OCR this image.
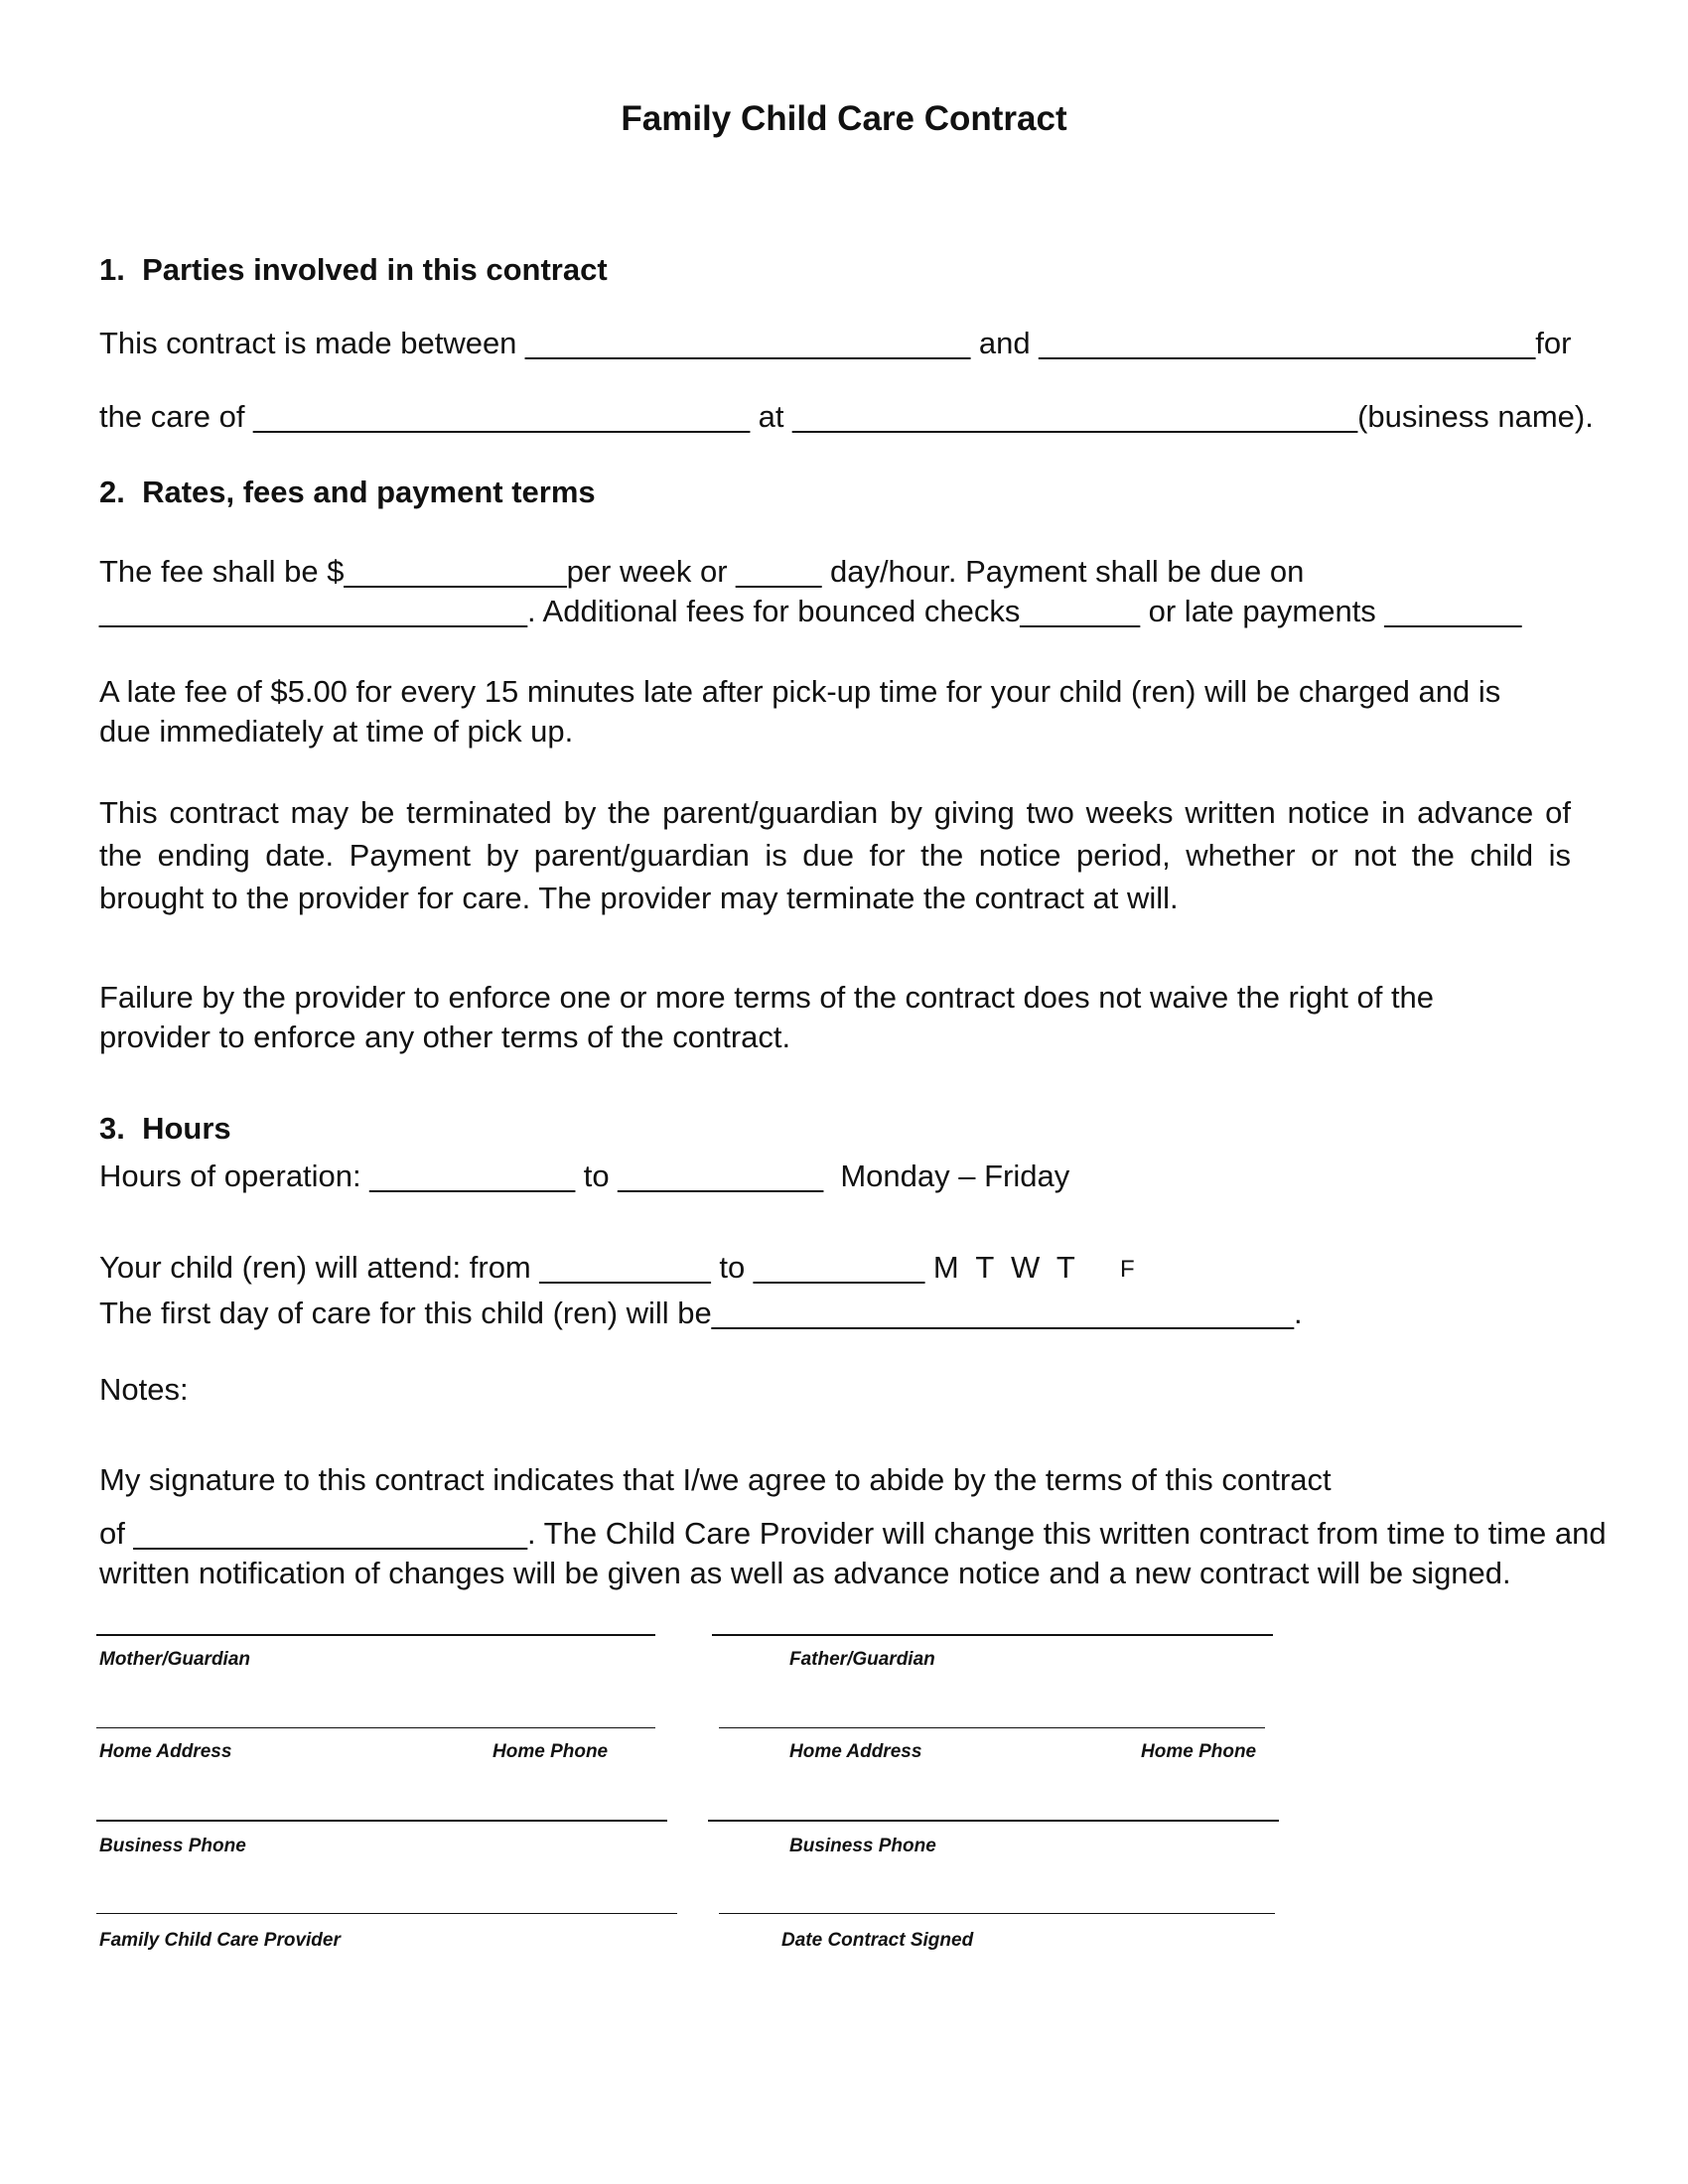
Family Child Care Contract
1.  Parties involved in this contract
This contract is made between __________________________ and _____________________________for
the care of _____________________________ at _________________________________(business name).
2.  Rates, fees and payment terms
The fee shall be $_____________per week or _____ day/hour. Payment shall be due on
_________________________. Additional fees for bounced checks_______ or late payments ________
A late fee of $5.00 for every 15 minutes late after pick-up time for your child (ren) will be charged and is
due immediately at time of pick up.
This contract may be terminated by the parent/guardian by giving two weeks written notice in advance of
the ending date. Payment by parent/guardian is due for the notice period, whether or not the child is
brought to the provider for care. The provider may terminate the contract at will.
Failure by the provider to enforce one or more terms of the contract does not waive the right of the
provider to enforce any other terms of the contract.
3.  Hours
Hours of operation: ____________ to ____________  Monday – Friday
Your child (ren) will attend: from __________ to __________ M  T  W  T F
The first day of care for this child (ren) will be__________________________________.
Notes:
My signature to this contract indicates that I/we agree to abide by the terms of this contract
of _______________________. The Child Care Provider will change this written contract from time to time and
written notification of changes will be given as well as advance notice and a new contract will be signed.
Mother/Guardian	Father/Guardian
Home Address	Home Phone	Home Address	Home Phone
Business Phone	Business Phone
Family Child Care Provider	Date Contract Signed
